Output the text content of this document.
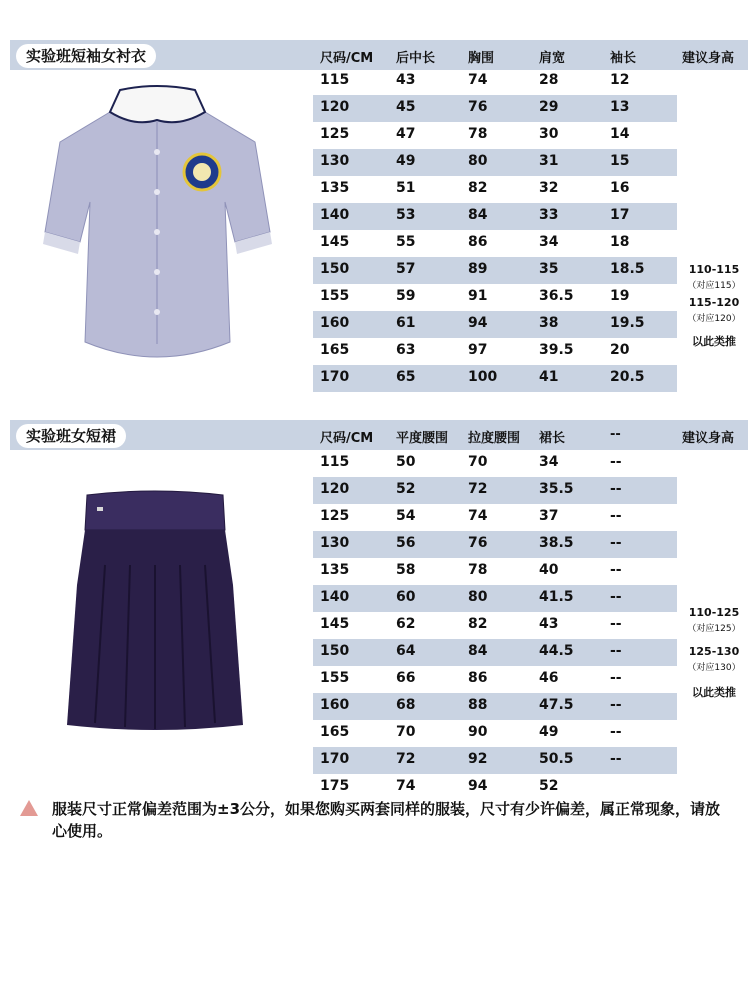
实验班短袖女衬衣	尺码/CM 后中长	胸围	肩宽	袖长	建议身高
115	43	74	28	12
120	45	76	29	13
125	47	78	30	14
130	49	80	31	15
135	51	82	32	16
140	53	84	33	17
145	55	86	34	18
150	57	89	35	18.5
155	59	91	36.5	19
160	61	94	38	19.5
165	63	97	39.5	20
170	65	100	41	20.5
110-115
（对应115）
115-120
（对应120）
以此类推
实验班女短裙	尺码/CM 平度腰围 拉度腰围 裙长	--	建议身高
115	50	70	34	--
120	52	72	35.5	--
125	54	74	37	--
130	56	76	38.5	--
135	58	78	40	--
140	60	80	41.5	--
145	62	82	43	--
150	64	84	44.5	--
155	66	86	46	--
160	68	88	47.5	--
165	70	90	49	--
170	72	92	50.5	--
175	74	94	52
110-125
（对应125）
125-130
（对应130）
以此类推
服装尺寸正常偏差范围为±3公分，如果您购买两套同样的服装，尺寸有少许偏差，属正常现象，请放心使用。
